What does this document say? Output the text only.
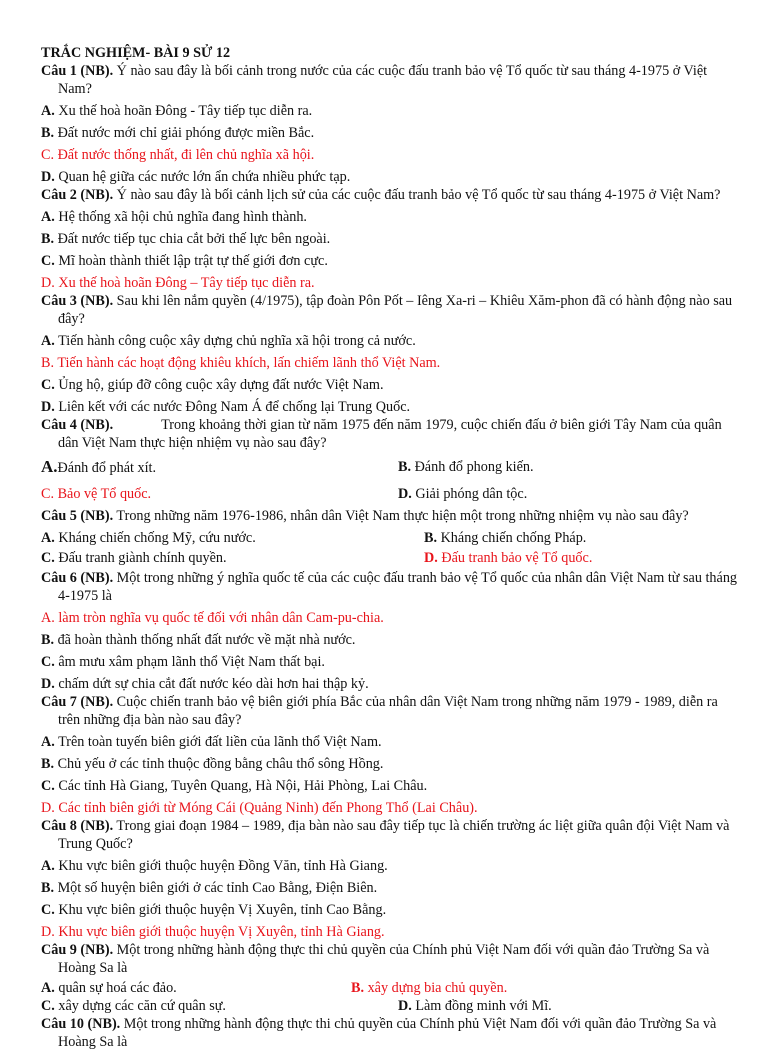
TRẮC NGHIỆM- BÀI 9 SỬ 12
Câu 1 (NB). Ý nào sau đây là bối cảnh trong nước của các cuộc đấu tranh bảo vệ Tổ quốc từ sau tháng 4-1975 ở Việt Nam?
A. Xu thế hoà hoãn Đông - Tây tiếp tục diễn ra.
B. Đất nước mới chỉ giải phóng được miền Bắc.
C. Đất nước thống nhất, đi lên chủ nghĩa xã hội.
D. Quan hệ giữa các nước lớn ẩn chứa nhiều phức tạp.
Câu 2 (NB). Ý nào sau đây là bối cảnh lịch sử của các cuộc đấu tranh bảo vệ Tổ quốc từ sau tháng 4-1975 ở Việt Nam?
A. Hệ thống xã hội chủ nghĩa đang hình thành.
B. Đất nước tiếp tục chia cắt bởi thế lực bên ngoài.
C. Mĩ hoàn thành thiết lập trật tự thế giới đơn cực.
D. Xu thế hoà hoãn Đông – Tây tiếp tục diễn ra.
Câu 3 (NB). Sau khi lên nắm quyền (4/1975), tập đoàn Pôn Pốt – Iêng Xa-ri – Khiêu Xăm-phon đã có hành động nào sau đây?
A. Tiến hành công cuộc xây dựng chủ nghĩa xã hội trong cả nước.
B. Tiến hành các hoạt động khiêu khích, lấn chiếm lãnh thổ Việt Nam.
C. Ủng hộ, giúp đỡ công cuộc xây dựng đất nước Việt Nam.
D. Liên kết với các nước Đông Nam Á để chống lại Trung Quốc.
Câu 4 (NB).	Trong khoảng thời gian từ năm 1975 đến năm 1979, cuộc chiến đấu ở biên giới Tây Nam của quân dân Việt Nam thực hiện nhiệm vụ nào sau đây?
A.Đánh đổ phát xít.	B. Đánh đổ phong kiến.
C. Bảo vệ Tổ quốc.	D. Giải phóng dân tộc.
Câu 5 (NB). Trong những năm 1976-1986, nhân dân Việt Nam thực hiện một trong những nhiệm vụ nào sau đây?
A. Kháng chiến chống Mỹ, cứu nước.	B. Kháng chiến chống Pháp.
C. Đấu tranh giành chính quyền.	D. Đấu tranh bảo vệ Tổ quốc.
Câu 6 (NB). Một trong những ý nghĩa quốc tế của các cuộc đấu tranh bảo vệ Tổ quốc của nhân dân Việt Nam từ sau tháng 4-1975 là
A. làm tròn nghĩa vụ quốc tế đối với nhân dân Cam-pu-chia.
B. đã hoàn thành thống nhất đất nước về mặt nhà nước.
C. âm mưu xâm phạm lãnh thổ Việt Nam thất bại.
D. chấm dứt sự chia cắt đất nước kéo dài hơn hai thập kỷ.
Câu 7 (NB). Cuộc chiến tranh bảo vệ biên giới phía Bắc của nhân dân Việt Nam trong những năm 1979 - 1989, diễn ra trên những địa bàn nào sau đây?
A. Trên toàn tuyến biên giới đất liền của lãnh thổ Việt Nam.
B. Chủ yếu ở các tỉnh thuộc đồng bằng châu thổ sông Hồng.
C. Các tỉnh Hà Giang, Tuyên Quang, Hà Nội, Hải Phòng, Lai Châu.
D. Các tỉnh biên giới từ Móng Cái (Quảng Ninh) đến Phong Thổ (Lai Châu).
Câu 8 (NB). Trong giai đoạn 1984 – 1989, địa bàn nào sau đây tiếp tục là chiến trường ác liệt giữa quân đội Việt Nam và Trung Quốc?
A. Khu vực biên giới thuộc huyện Đồng Văn, tỉnh Hà Giang.
B. Một số huyện biên giới ở các tỉnh Cao Bằng, Điện Biên.
C. Khu vực biên giới thuộc huyện Vị Xuyên, tỉnh Cao Bằng.
D. Khu vực biên giới thuộc huyện Vị Xuyên, tỉnh Hà Giang.
Câu 9 (NB). Một trong những hành động thực thi chủ quyền của Chính phủ Việt Nam đối với quần đảo Trường Sa và Hoàng Sa là
A. quân sự hoá các đảo.	B. xây dựng bia chủ quyền.
C. xây dựng các căn cứ quân sự.	D. Làm đồng minh với Mĩ.
Câu 10 (NB). Một trong những hành động thực thi chủ quyền của Chính phủ Việt Nam đối với quần đảo Trường Sa và Hoàng Sa là
